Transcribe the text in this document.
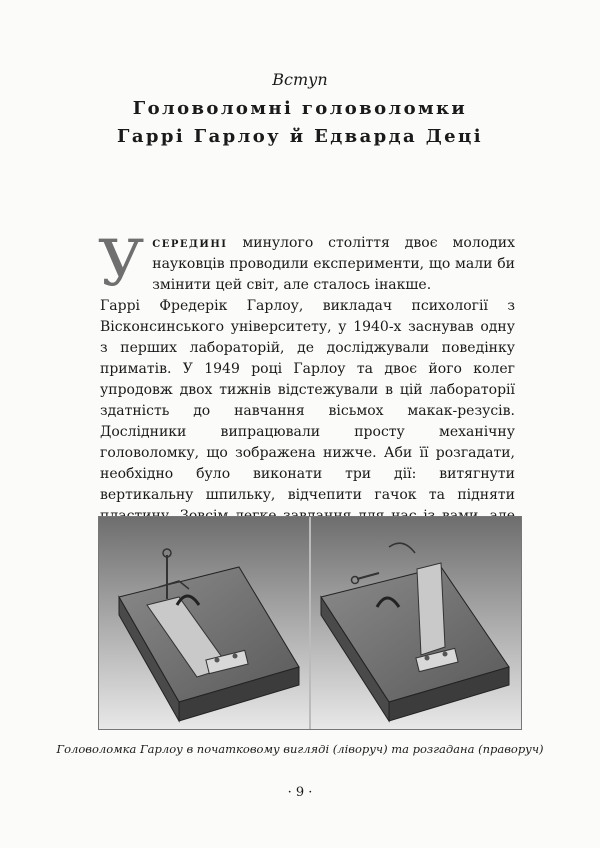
Вступ
Головоломні головоломки
Гаррі Гарлоу й Едварда Деці

Усередині минулого століття двоє молодих науковців проводили експерименти, що мали би змінити цей світ, але сталось інакше.

Гаррі Фредерік Гарлоу, викладач психології з Вісконсинського університету, у 1940-х заснував одну з перших лабораторій, де досліджували поведінку приматів. У 1949 році Гарлоу та двоє його колег упродовж двох тижнів відстежували в цій лабораторії здатність до навчання вісьмох макак-резусів. Дослідники випрацювали просту механічну головоломку, що зображена нижче. Аби її розгадати, необхідно було виконати три дії: витягнути вертикальну шпильку, відчепити гачок та підняти

Головоломка Гарлоу в початковому вигляді (ліворуч) та розгадана (праворуч)
· 9 ·
